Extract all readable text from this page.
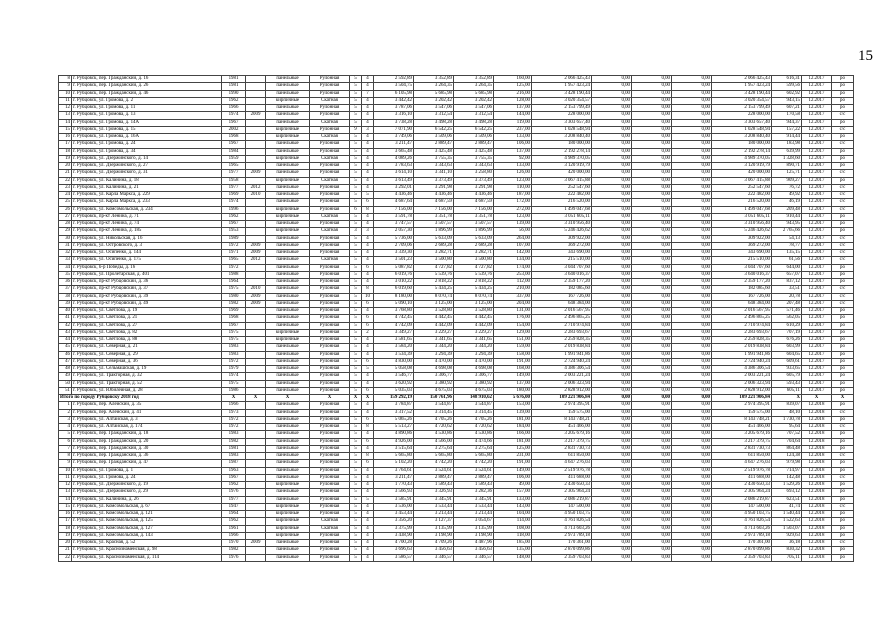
15
8	г. Рубцовск, пер. Гражданский, д. 16	1981		панельные	Рулонная	5	4	2 592,89	3 352,89	3 352,89	160,00	2 066 425,43	0,00	0,00	0,00	2 066 425,43	616,31	12.2017	ро
9	г. Рубцовск, пер. Гражданский, д. 26	1981		панельные	Рулонная	5	4	3 504,75	3 264,35	3 264,35	125,00	1 957 423,24	0,00	0,00	0,00	1 957 423,24	599,56	12.2017	ро
10	г. Рубцовск, пер. Гражданский, д. 46	1990		панельные	Рулонная	5	7	6 105,98	5 685,98	5 685,98	216,00	3 428 190,44	0,00	0,00	0,00	3 428 190,44	602,92	12.2017	ро
11	г. Рубцовск, ул. Громова, д. 2	1962		кирпичные	Скатная	5	4	3 442,42	3 202,42	3 202,42	128,00	3 020 354,57	0,00	0,00	0,00	3 020 354,57	943,15	12.2017	ро
12	г. Рубцовск, ул. Громова, д. 11	1966		панельные	Рулонная	5	4	3 787,06	3 547,06	3 547,06	137,00	2 153 799,49	0,00	0,00	0,00	2 153 799,49	607,21	12.2017	ро
13	г. Рубцовск, ул. Громова, д. 13	1974	2009	панельные	Рулонная	5	4	3 316,10	3 312,54	3 312,54	144,00	228 000,00	0,00	0,00	0,00	228 000,00	170,58	12.2017	с/с
14	г. Рубцовск, ул. Громова, д. 14А	1967		панельные	Скатная	5	4	3 738,28	3 498,28	3 498,28	119,00	3 303 657,40	0,00	0,00	0,00	3 303 657,40	944,37	12.2017	ро
15	г. Рубцовск, ул. Громова, д. 15	2002		кирпичные	Рулонная	9	3	7 071,90	6 542,25	6 542,25	237,00	1 028 548,94	0,00	0,00	0,00	1 028 548,94	157,22	12.2017	с/с
16	г. Рубцовск, ул. Громова, д. 16А	1968		кирпичные	Скатная	5	4	3 749,06	3 509,06	3 509,06	133,00	3 208 840,40	0,00	0,00	0,00	3 208 840,40	914,44	12.2017	ро
17	г. Рубцовск, ул. Громова, д. 24	1967		панельные	Рулонная	5	4	3 211,47	2 889,47	2 889,47	106,00	180 000,00	0,00	0,00	0,00	180 000,00	183,98	12.2017	с/с
18	г. Рубцовск, ул. Громова, д. 34	1984		панельные	Рулонная	5	4	3 665,48	3 425,48	3 425,48	137,00	2 192 278,14	0,00	0,00	0,00	2 192 278,14	639,99	12.2017	ро
19	г. Рубцовск, ул. Дзержинского, д. 14	1959		кирпичные	Скатная	5	4	4 089,26	3 755,35	3 755,35	92,00	4 989 370,05	0,00	0,00	0,00	4 989 370,05	1 328,60	12.2017	ро
20	г. Рубцовск, ул. Дзержинского, д. 27	1965		панельные	Рулонная	5	4	3 783,63	3 343,63	3 343,63	133,00	3 120 919,79	0,00	0,00	0,00	3 120 919,79	890,71	12.2017	ро
21	г. Рубцовск, ул. Дзержинского, д. 31	1977	2009	панельные	Рулонная	5	4	3 614,10	3 341,10	3 258,80	126,00	420 000,00	0,00	0,00	0,00	420 000,00	125,71	12.2017	с/с
22	г. Рубцовск, ул. Калинина, д. 18	1958		кирпичные	Скатная	5	4	3 613,49	3 373,49	3 373,49	123,00	3 067 415,88	0,00	0,00	0,00	3 067 415,88	909,27	12.2017	ро
23	г. Рубцовск, ул. Калинина, д. 21	1977	2012	панельные	Рулонная	5	4	3 292,01	3 291,98	3 291,98	110,00	252 547,60	0,00	0,00	0,00	252 547,60	76,72	12.2017	с/с
24	г. Рубцовск, ул. Карла Маркса, д. 229	1969	2010	панельные	Рулонная	5	5	4 436,46	4 436,46	4 436,46	187,00	222 482,00	0,00	0,00	0,00	222 482,00	49,92	12.2017	с/с
25	г. Рубцовск, ул. Карла Маркса, д. 233	1974		панельные	Рулонная	5	6	4 687,64	4 687,59	4 687,59	172,00	216 520,00	0,00	0,00	0,00	216 520,00	46,19	12.2017	с/с
26	г. Рубцовск, ул. Комсомольская, д. 234	1996		кирпичные	Рулонная	6	8	7 156,00	7 156,00	7 156,00	272,00	1 499 047,68	0,00	0,00	0,00	1 499 047,68	209,48	12.2017	с/с
27	г. Рубцовск, пр-кт Ленина, д. 71	1962		кирпичные	Скатная	5	4	3 591,78	3 351,78	3 351,78	123,00	3 051 605,11	0,00	0,00	0,00	3 051 605,11	910,44	12.2017	ро
28	г. Рубцовск, пр-кт Ленина, д. 74	1967		панельные	Рулонная	5	4	3 747,57	3 507,57	3 507,57	139,00	3 310 956,40	0,00	0,00	0,00	3 310 956,40	943,95	12.2017	ро
29	г. Рубцовск, пр-кт Ленина, д. 185	1953		кирпичные	Скатная	3	3	2 057,30	1 896,99	1 896,99	56,00	5 246 426,62	0,00	0,00	0,00	5 246 426,62	2 765,66	12.2017	ро
30	г. Рубцовск, ул. Никольская, д. 16	1989		панельные	Рулонная	5	4	5 736,00	5 633,09	5 633,09	264,00	309 922,00	0,00	0,00	0,00	309 922,00	54,13	12.2017	с/с
31	г. Рубцовск, ул. Островского, д. 3	1972	2009	панельные	Рулонная	5	4	2 709,06	2 689,28	2 689,28	107,00	369 272,00	0,00	0,00	0,00	369 272,00	78,77	12.2017	с/с
32	г. Рубцовск, ул. Осипенко, д. 144	1971	2009	панельные	Рулонная	5	4	3 339,30	3 282,71	3 282,71	142,00	343 690,00	0,00	0,00	0,00	343 690,00	135,15	12.2017	с/с
33	г. Рубцовск, ул. Осипенко, д. 175	1965	2012	панельные	Скатная	5	4	3 501,23	3 500,80	3 500,80	134,00	215 510,00	0,00	0,00	0,00	215 510,00	61,56	12.2017	с/с
34	г. Рубцовск, б-р Победы, д. 16	1972		панельные	Рулонная	5	6	5 087,82	4 727,82	4 727,82	174,00	3 044 707,60	0,00	0,00	0,00	3 044 707,60	644,00	12.2017	ро
35	г. Рубцовск, ул. Пролетарская, д. 401	1988		панельные	Рулонная	5	4	6 019,76	5 539,76	5 539,76	253,00	3 640 016,37	0,00	0,00	0,00	3 640 016,37	657,07	12.2017	ро
36	г. Рубцовск, пр-кт Рубцовский, д. 36	1964		панельные	Рулонная	5	4	3 010,22	2 818,22	2 818,22	112,00	2 359 177,20	0,00	0,00	0,00	2 359 177,20	837,12	12.2017	ро
37	г. Рубцовск, пр-кт Рубцовский, д. 37	1975	2010	панельные	Рулонная	5	8	6 019,60	5 434,25	5 434,25	210,00	182 085,60	0,00	0,00	0,00	182 085,60	33,51	12.2017	с/с
38	г. Рубцовск, пр-кт Рубцовский, д. 39	1980	2009	панельные	Рулонная	5	10	8 180,00	8 070,74	8 070,74	337,00	167 726,00	0,00	0,00	0,00	167 726,00	20,78	12.2017	с/с
39	г. Рубцовск, пр-кт Рубцовский, д. 49	1982	2009	панельные	Рулонная	5	6	5 090,10	3 125,00	3 125,00	204,00	648 384,00	0,00	0,00	0,00	648 384,00	207,48	12.2017	с/с
40	г. Рубцовск, ул. Светлова, д. 19	1969		панельные	Рулонная	5	4	3 768,80	3 528,80	3 528,80	131,00	2 016 567,95	0,00	0,00	0,00	2 016 567,95	571,46	12.2017	ро
41	г. Рубцовск, ул. Светлова, д. 21	1968		панельные	Рулонная	5	6	4 742,45	4 442,45	4 442,45	176,00	2 496 865,25	0,00	0,00	0,00	2 496 865,25	562,05	12.2017	ро
42	г. Рубцовск, ул. Светлова, д. 27	1967		панельные	Рулонная	5	6	4 742,09	4 442,09	4 442,09	154,00	2 710 974,84	0,00	0,00	0,00	2 710 974,84	610,29	12.2017	ро
43	г. Рубцовск, ул. Светлова, д. 82	1975		кирпичные	Рулонная	5	2	3 349,27	3 229,27	3 229,27	129,00	2 283 693,67	0,00	0,00	0,00	2 283 693,67	707,19	12.2017	ро
44	г. Рубцовск, ул. Светлова, д. 88	1975		кирпичные	Рулонная	5	4	3 581,65	3 341,65	3 341,65	151,00	2 259 828,35	0,00	0,00	0,00	2 259 828,35	676,26	12.2017	ро
45	г. Рубцовск, ул. Северная, д. 21	1983		панельные	Рулонная	5	4	3 584,20	3 344,20	3 344,20	159,00	2 019 838,84	0,00	0,00	0,00	2 019 838,84	603,99	12.2017	ро
46	г. Рубцовск, ул. Северная, д. 29	1983		панельные	Рулонная	5	4	3 534,39	3 294,39	3 294,39	158,00	1 991 941,86	0,00	0,00	0,00	1 991 941,86	604,65	12.2017	ро
47	г. Рубцовск, ул. Северная, д. 36	1972		панельные	Рулонная	5	6	4 830,00	4 470,00	4 470,00	191,00	2 724 940,24	0,00	0,00	0,00	2 724 940,24	609,61	12.2017	ро
48	г. Рубцовск, ул. Сельмашская, д. 19	1979		панельные	Рулонная	5	5	5 058,08	4 698,08	4 698,08	168,00	4 386 306,54	0,00	0,00	0,00	4 386 306,54	933,65	12.2017	ро
49	г. Рубцовск, ул. Тракторная, д. 32	1974		панельные	Рулонная	5	4	3 546,77	3 306,77	3 306,77	149,00	2 003 221,24	0,00	0,00	0,00	2 003 221,24	605,79	12.2017	ро
50	г. Рубцовск, ул. Тракторная, д. 52	1975		панельные	Рулонная	5	4	3 620,92	3 380,92	3 380,92	137,00	2 006 323,94	0,00	0,00	0,00	2 006 323,94	593,43	12.2017	ро
51	г. Рубцовск, ул. Юбилейная, д. 28	1986		панельные	Рулонная	5	6	5 035,03	4 675,03	4 675,03	180,00	2 828 912,00	0,00	0,00	0,00	2 828 912,00	605,11	12.2017	ро
Итого по городу Рубцовску 2018 год		X	X	X	X	X	X	159 292,19	150 761,96	148 910,62	5 676,00	109 221 906,84	0,00	0,00	0,00	109 221 906,84	X	X	X
1	г. Рубцовск, пер. Алейский, д. 35	1966		панельные	Рулонная	5	4	3 784,87	3 544,87	3 544,87	153,00	2 974 395,91	0,00	0,00	0,00	2 974 395,91	839,07	12.2018	ро
2	г. Рубцовск, пер. Алейский, д. 41	1973		панельные	Рулонная	5	4	3 317,52	3 314,45	3 314,45	139,00	159 575,00	0,00	0,00	0,00	159 575,00	48,10	12.2018	с/с
3	г. Рубцовск, ул. Алтайская, д. 3	1972		панельные	Рулонная	5	6	5 065,26	4 705,26	4 705,26	181,00	8 143 748,21	0,00	0,00	0,00	8 143 748,21	1 730,78	12.2018	ро
4	г. Рубцовск, ул. Алтайская, д. 174	1972		панельные	Рулонная	5	8	5 513,27	4 720,62	4 720,62	184,00	451 466,00	0,00	0,00	0,00	451 466,00	95,64	12.2018	с/с
5	г. Рубцовск, пер. Гражданский, д. 18	1983		панельные	Рулонная	5	4	4 890,86	4 530,86	4 530,86	166,00	3 205 679,16	0,00	0,00	0,00	3 205 679,16	707,52	12.2018	ро
6	г. Рубцовск, пер. Гражданский, д. 20	1982		панельные	Рулонная	5	6	4 926,00	4 566,00	4 474,66	181,00	3 217 379,75	0,00	0,00	0,00	3 217 379,75	704,64	12.2018	ро
7	г. Рубцовск, пер. Гражданский, д. 30	1981		панельные	Рулонная	5	4	3 515,64	3 275,64	3 275,64	125,00	2 831 730,73	0,00	0,00	0,00	2 831 730,73	864,48	12.2018	ро
8	г. Рубцовск, пер. Гражданский, д. 36	1983		панельные	Рулонная	5	8	5 665,80	5 665,80	5 665,80	231,00	611 850,00	0,00	0,00	0,00	611 850,00	124,38	12.2018	с/с
9	г. Рубцовск, пер. Гражданский, д. 47	1987		панельные	Рулонная	5	6	5 102,20	4 742,20	4 742,20	191,00	4 647 276,03	0,00	0,00	0,00	4 647 276,03	979,98	12.2018	ро
10	г. Рубцовск, ул. Громова, д. 1	1963		панельные	Рулонная	5	4	3 764,61	3 524,61	3 524,61	149,00	2 519 976,78	0,00	0,00	0,00	2 519 976,78	714,97	12.2018	ро
11	г. Рубцовск, ул. Громова, д. 24	1967		панельные	Рулонная	5	4	3 211,47	2 889,47	2 889,47	106,00	411 688,00	0,00	0,00	0,00	411 688,00	142,48	12.2018	с/с
12	г. Рубцовск, ул. Дзержинского, д. 19	1962		кирпичные	Рулонная	5	4	1 770,43	1 589,43	1 589,43	49,00	2 430 650,33	0,00	0,00	0,00	2 430 650,33	1 529,26	12.2018	ро
13	г. Рубцовск, ул. Дзержинского, д. 29	1976		панельные	Рулонная	5	4	3 566,93	3 326,93	3 282,36	157,00	2 305 964,24	0,00	0,00	0,00	2 305 964,24	693,12	12.2018	ро
14	г. Рубцовск, ул. Калинина, д. 26	1977		панельные	Рулонная	5	5	3 585,91	3 345,91	3 345,91	133,00	2 086 219,87	0,00	0,00	0,00	2 086 219,87	623,51	12.2018	ро
15	г. Рубцовск, ул. Комсомольская, д. 67	1947		кирпичные	Рулонная	5	4	3 536,00	3 533,44	3 533,44	143,00	147 500,00	0,00	0,00	0,00	147 500,00	41,74	12.2018	с/с
16	г. Рубцовск, ул. Комсомольская, д. 121	1964		кирпичные	Рулонная	5	4	3 453,44	3 213,44	3 213,44	104,00	4 950 103,75	0,00	0,00	0,00	4 950 103,75	1 540,44	12.2018	ро
17	г. Рубцовск, ул. Комсомольская, д. 125	1962		кирпичные	Скатная	5	4	3 356,20	3 127,37	3 054,67	114,00	4 761 826,54	0,00	0,00	0,00	4 761 826,54	1 522,63	12.2018	ро
18	г. Рубцовск, ул. Комсомольская, д. 127	1961		кирпичные	Скатная	5	4	3 375,99	3 135,99	3 135,99	108,00	4 713 603,26	0,00	0,00	0,00	4 713 603,26	1 503,07	12.2018	ро
19	г. Рубцовск, ул. Комсомольская, д. 143	1966		кирпичные	Рулонная	5	4	3 438,90	3 198,90	3 198,90	118,00	2 973 789,18	0,00	0,00	0,00	2 973 789,18	929,63	12.2018	ро
20	г. Рубцовск, ул. Красная, д. 52	1970	2009	панельные	Рулонная	5	4	4 700,28	4 709,26	4 487,96	185,00	170 361,00	0,00	0,00	0,00	170 361,00	36,18	12.2018	с/с
21	г. Рубцовск, ул. Краснознаменская, д. 98	1982		панельные	Рулонная	5	4	3 696,63	3 456,63	3 456,63	135,00	2 870 099,86	0,00	0,00	0,00	2 870 099,86	830,32	12.2018	ро
22	г. Рубцовск, ул. Краснознаменская, д. 114	1976		панельные	Рулонная	5	4	3 586,57	3 346,57	3 346,57	148,00	2 359 703,83	0,00	0,00	0,00	2 359 703,83	705,11	12.2018	ро
